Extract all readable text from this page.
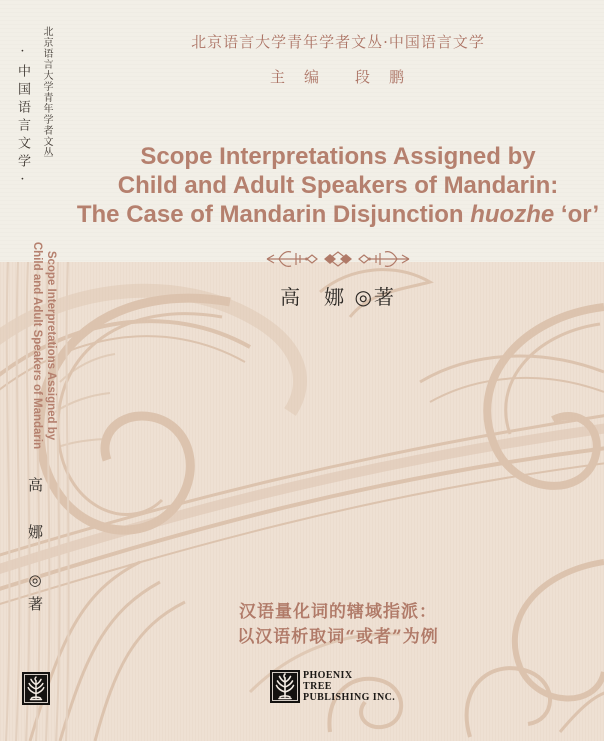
北京语言大学青年学者文丛
·中国语言文学·
Scope Interpretations Assigned by
Child and Adult Speakers of Mandarin
高 娜 ◎著
北京语言大学青年学者文丛·中国语言文学
主　编　　段　鹏
Scope Interpretations Assigned by
Child and Adult Speakers of Mandarin:
The Case of Mandarin Disjunction huozhe ‘or’
高　娜 ◎著
汉语量化词的辖域指派：
以汉语析取词“或者”为例
PHOENIX
TREE
PUBLISHING INC.
